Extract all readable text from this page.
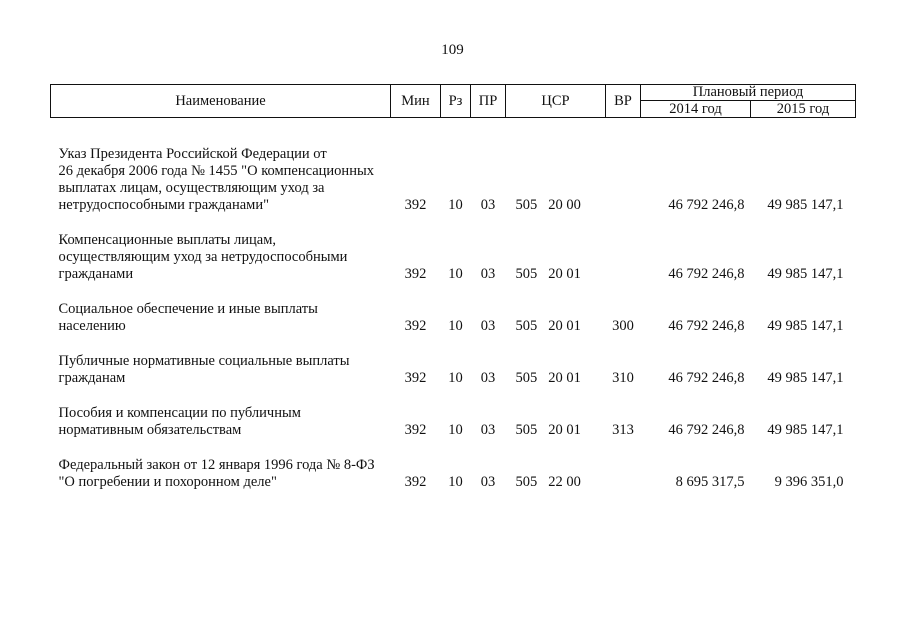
109
Наименование	Мин	Рз	ПР	ЦСР	ВР	Плановый период	
						2014 год	2015 год
Указ Президента Российской Федерации от
26 декабря 2006 года № 1455 "О компенсационных
выплатах лицам, осуществляющим уход за
нетрудоспособными гражданами"	392	10	03	505 20 00		46 792 246,8	49 985 147,1
Компенсационные выплаты лицам,
осуществляющим уход за нетрудоспособными
гражданами	392	10	03	505 20 01		46 792 246,8	49 985 147,1
Социальное обеспечение и иные выплаты
населению	392	10	03	505 20 01	300	46 792 246,8	49 985 147,1
Публичные нормативные социальные выплаты
гражданам	392	10	03	505 20 01	310	46 792 246,8	49 985 147,1
Пособия и компенсации по публичным
нормативным обязательствам	392	10	03	505 20 01	313	46 792 246,8	49 985 147,1
Федеральный закон от 12 января 1996 года № 8-ФЗ
"О погребении и похоронном деле"	392	10	03	505 22 00		8 695 317,5	9 396 351,0
